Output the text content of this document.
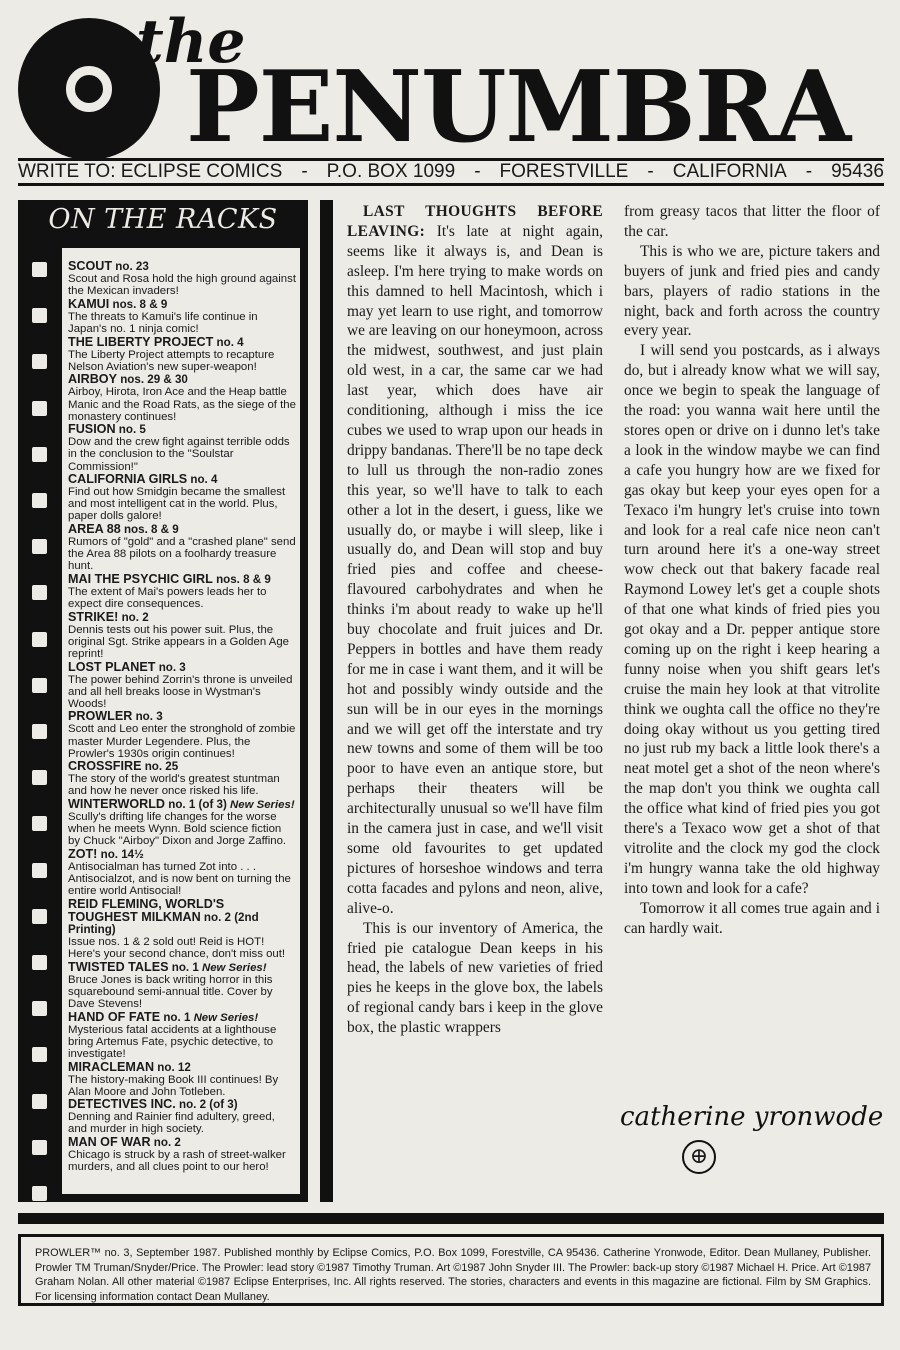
the
PENUMBRA
WRITE TO: ECLIPSE COMICS - P.O. BOX 1099 - FORESTVILLE - CALIFORNIA - 95436
ON THE RACKS
SCOUT no. 23
Scout and Rosa hold the high ground against the Mexican invaders!
KAMUI nos. 8 & 9
The threats to Kamui's life continue in Japan's no. 1 ninja comic!
THE LIBERTY PROJECT no. 4
The Liberty Project attempts to recapture Nelson Aviation's new super-weapon!
AIRBOY nos. 29 & 30
Airboy, Hirota, Iron Ace and the Heap battle Manic and the Road Rats, as the siege of the monastery continues!
FUSION no. 5
Dow and the crew fight against terrible odds in the conclusion to the "Soulstar Commission!"
CALIFORNIA GIRLS no. 4
Find out how Smidgin became the smallest and most intelligent cat in the world. Plus, paper dolls galore!
AREA 88 nos. 8 & 9
Rumors of "gold" and a "crashed plane" send the Area 88 pilots on a foolhardy treasure hunt.
MAI THE PSYCHIC GIRL nos. 8 & 9
The extent of Mai's powers leads her to expect dire consequences.
STRIKE! no. 2
Dennis tests out his power suit. Plus, the original Sgt. Strike appears in a Golden Age reprint!
LOST PLANET no. 3
The power behind Zorrin's throne is unveiled and all hell breaks loose in Wystman's Woods!
PROWLER no. 3
Scott and Leo enter the stronghold of zombie master Murder Legendere. Plus, the Prowler's 1930s origin continues!
CROSSFIRE no. 25
The story of the world's greatest stuntman and how he never once risked his life.
WINTERWORLD no. 1 (of 3) New Series!
Scully's drifting life changes for the worse when he meets Wynn. Bold science fiction by Chuck "Airboy" Dixon and Jorge Zaffino.
ZOT! no. 14½
Antisocialman has turned Zot into . . . Antisocialzot, and is now bent on turning the entire world Antisocial!
REID FLEMING, WORLD'S TOUGHEST MILKMAN no. 2 (2nd Printing)
Issue nos. 1 & 2 sold out! Reid is HOT! Here's your second chance, don't miss out!
TWISTED TALES no. 1 New Series!
Bruce Jones is back writing horror in this squarebound semi-annual title. Cover by Dave Stevens!
HAND OF FATE no. 1 New Series!
Mysterious fatal accidents at a lighthouse bring Artemus Fate, psychic detective, to investigate!
MIRACLEMAN no. 12
The history-making Book III continues! By Alan Moore and John Totleben.
DETECTIVES INC. no. 2 (of 3)
Denning and Rainier find adultery, greed, and murder in high society.
MAN OF WAR no. 2
Chicago is struck by a rash of street-walker murders, and all clues point to our hero!

LAST THOUGHTS BEFORE LEAVING: It's late at night again, seems like it always is, and Dean is asleep. I'm here trying to make words on this damned to hell Macintosh, which i may yet learn to use right, and tomorrow we are leaving on our honeymoon, across the midwest, southwest, and just plain old west, in a car, the same car we had last year, which does have air conditioning, although i miss the ice cubes we used to wrap upon our heads in drippy bandanas. There'll be no tape deck to lull us through the non-radio zones this year, so we'll have to talk to each other a lot in the desert, i guess, like we usually do, or maybe i will sleep, like i usually do, and Dean will stop and buy fried pies and coffee and cheese-flavoured carbohydrates and when he thinks i'm about ready to wake up he'll buy chocolate and fruit juices and Dr. Peppers in bottles and have them ready for me in case i want them, and it will be hot and possibly windy outside and the sun will be in our eyes in the mornings and we will get off the interstate and try new towns and some of them will be too poor to have even an antique store, but perhaps their theaters will be architecturally unusual so we'll have film in the camera just in case, and we'll visit some old favourites to get updated pictures of horseshoe windows and terra cotta facades and pylons and neon, alive, alive-o.

This is our inventory of America, the fried pie catalogue Dean keeps in his head, the labels of new varieties of fried pies he keeps in the glove box, the labels of regional candy bars i keep in the glove box, the plastic wrappers

from greasy tacos that litter the floor of the car.

This is who we are, picture takers and buyers of junk and fried pies and candy bars, players of radio stations in the night, back and forth across the country every year.

I will send you postcards, as i always do, but i already know what we will say, once we begin to speak the language of the road: you wanna wait here until the stores open or drive on i dunno let's take a look in the window maybe we can find a cafe you hungry how are we fixed for gas okay but keep your eyes open for a Texaco i'm hungry let's cruise into town and look for a real cafe nice neon can't turn around here it's a one-way street wow check out that bakery facade real Raymond Lowey let's get a couple shots of that one what kinds of fried pies you got okay and a Dr. pepper antique store coming up on the right i keep hearing a funny noise when you shift gears let's cruise the main hey look at that vitrolite think we oughta call the office no they're doing okay without us you getting tired no just rub my back a little look there's a neat motel get a shot of the neon where's the map don't you think we oughta call the office what kind of fried pies you got there's a Texaco wow get a shot of that vitrolite and the clock my god the clock i'm hungry wanna take the old highway into town and look for a cafe?

Tomorrow it all comes true again and i can hardly wait.

catherine yronwode
⊕
PROWLER™ no. 3, September 1987. Published monthly by Eclipse Comics, P.O. Box 1099, Forestville, CA 95436. Catherine Yronwode, Editor. Dean Mullaney, Publisher. Prowler TM Truman/Snyder/Price. The Prowler: lead story ©1987 Timothy Truman. Art ©1987 John Snyder III. The Prowler: back-up story ©1987 Michael H. Price. Art ©1987 Graham Nolan. All other material ©1987 Eclipse Enterprises, Inc. All rights reserved. The stories, characters and events in this magazine are fictional. Film by SM Graphics. For licensing information contact Dean Mullaney.
